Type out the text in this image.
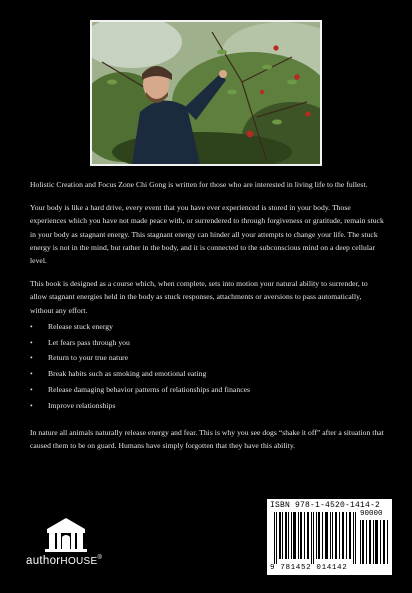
Holistic Creation and Focus Zone Chi Gong is written for those who are interested in living life to the fullest.

Your body is like a hard drive, every event that you have ever experienced is stored in your body. Those experiences which you have not made peace with, or surrendered to through forgiveness or gratitude, remain stuck in your body as stagnant energy. This stagnant energy can hinder all your attempts to change your life. The stuck energy is not in the mind, but rather in the body, and it is connected to the subconscious mind on a deep cellular level.

This book is designed as a course which, when complete, sets into motion your natural ability to surrender, to allow stagnant energies held in the body as stuck responses, attachments or aversions to pass automatically, without any effort.

• Release stuck energy
• Let fears pass through you
• Return to your true nature
• Break habits such as smoking and emotional eating
• Release damaging behavior patterns of relationships and finances
• Improve relationships

In nature all animals naturally release energy and fear. This is why you see dogs “shake it off” after a situation that caused them to be on guard. Humans have simply forgotten that they have this ability.

authorHOUSE®
ISBN 978-1-4520-1414-2
90000
9 781452 014142
